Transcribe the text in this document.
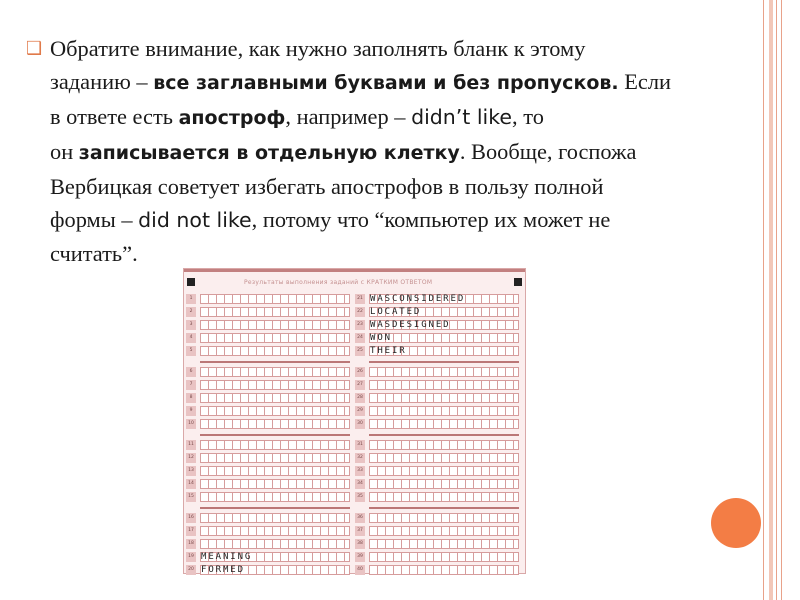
❑ Обратите внимание, как нужно заполнять бланк к этому
заданию – все заглавными буквами и без пропусков. Если
в ответе есть апостроф, например – didn’t like, то
он записывается в отдельную клетку. Вообще, госпожа
Вербицкая советует избегать апострофов в пользу полной
формы – did not like, потому что “компьютер их может не
считать”.
Результаты выполнения заданий с КРАТКИМ ОТВЕТОМ
1
2
3
4
5
6
7
8
9
10
11
12
13
14
15
16
17
18
19 MEANING
20 FORMED
21 WASCONSIDERED
22 LOCATED
23 WASDESIGNED
24 WON
25 THEIR
26
27
28
29
30
31
32
33
34
35
36
37
38
39
40
